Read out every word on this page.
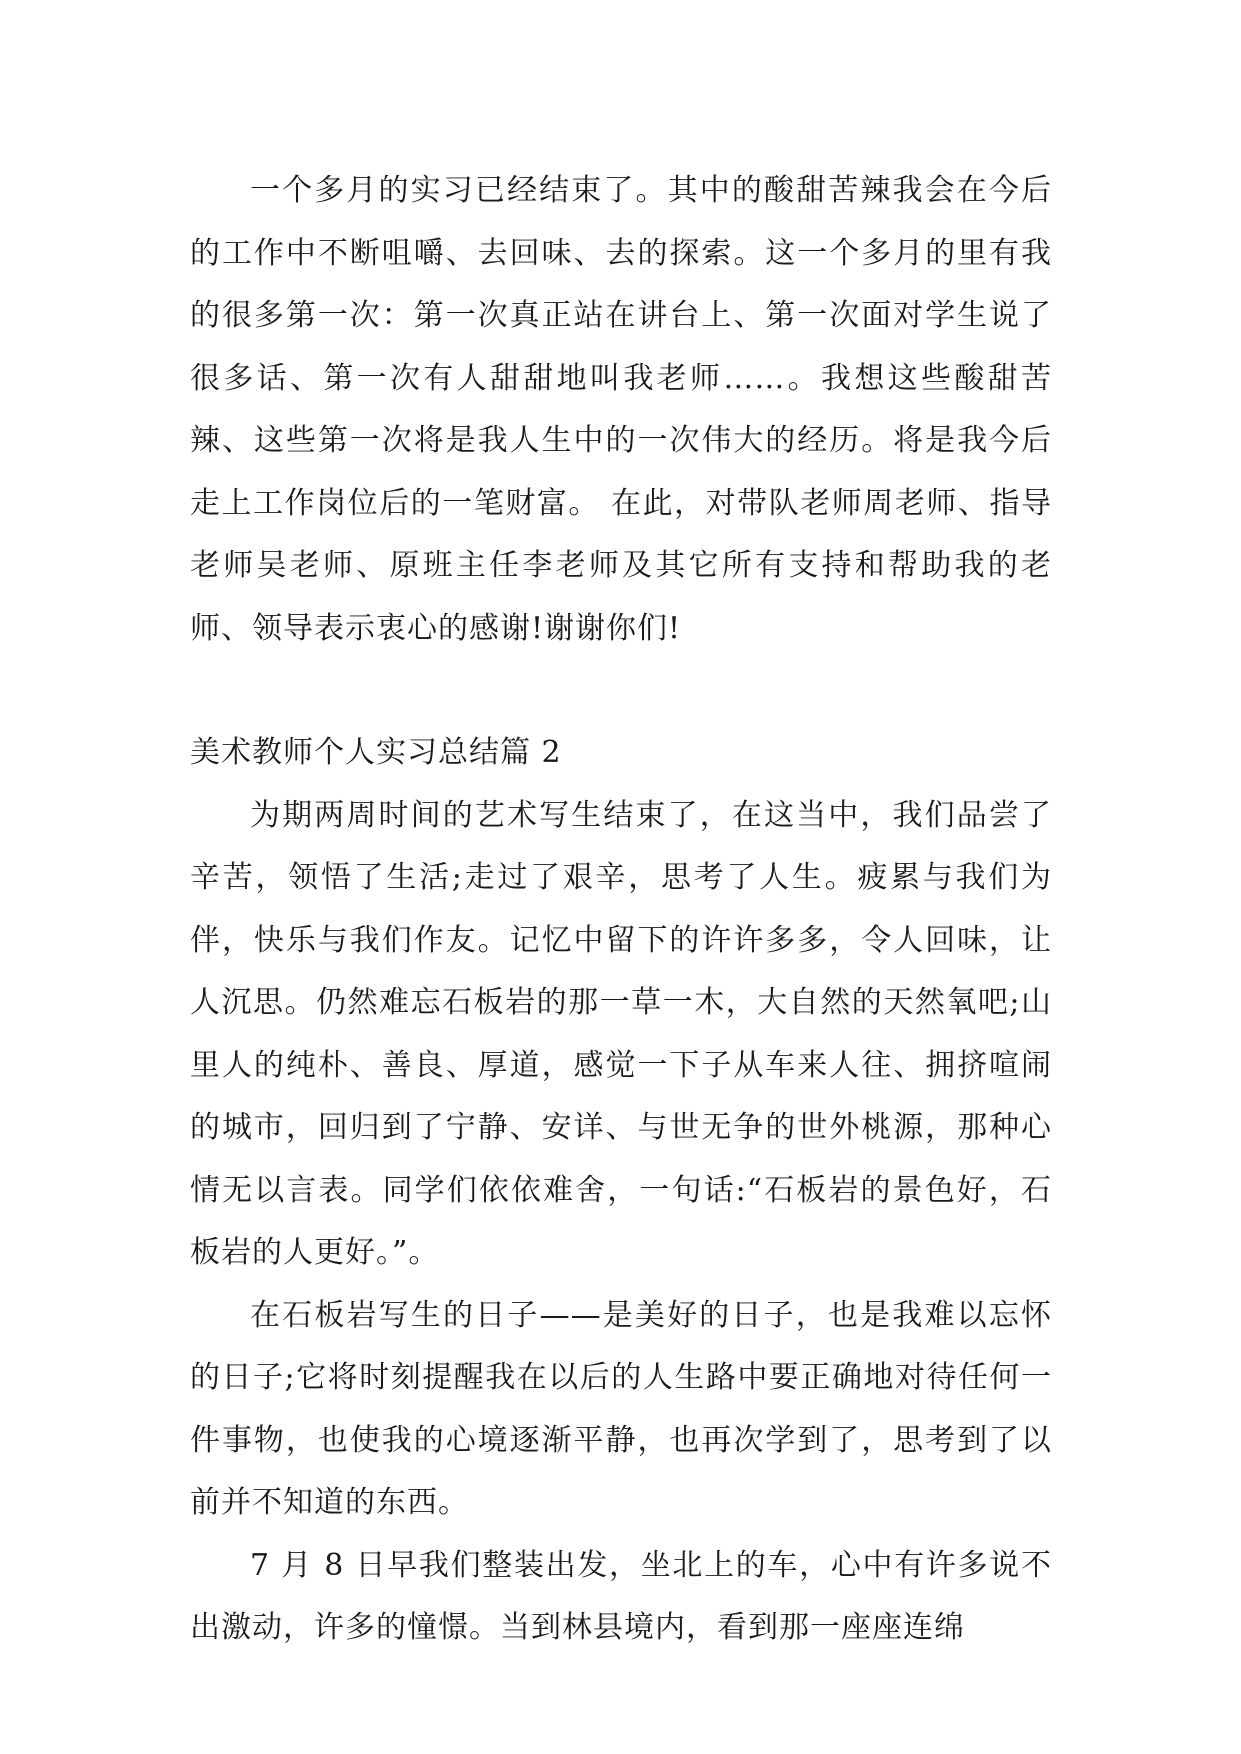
一个多月的实习已经结束了。其中的酸甜苦辣我会在今后的工作中不断咀嚼、去回味、去的探索。这一个多月的里有我的很多第一次：第一次真正站在讲台上、第一次面对学生说了很多话、第一次有人甜甜地叫我老师……。我想这些酸甜苦辣、这些第一次将是我人生中的一次伟大的经历。将是我今后走上工作岗位后的一笔财富。 在此，对带队老师周老师、指导老师吴老师、原班主任李老师及其它所有支持和帮助我的老师、领导表示衷心的感谢!谢谢你们!

美术教师个人实习总结篇 2

为期两周时间的艺术写生结束了，在这当中，我们品尝了辛苦，领悟了生活;走过了艰辛，思考了人生。疲累与我们为伴，快乐与我们作友。记忆中留下的许许多多，令人回味，让人沉思。仍然难忘石板岩的那一草一木，大自然的天然氧吧;山里人的纯朴、善良、厚道，感觉一下子从车来人往、拥挤喧闹的城市，回归到了宁静、安详、与世无争的世外桃源，那种心情无以言表。同学们依依难舍，一句话:“石板岩的景色好，石板岩的人更好。”。

在石板岩写生的日子——是美好的日子，也是我难以忘怀的日子;它将时刻提醒我在以后的人生路中要正确地对待任何一件事物，也使我的心境逐渐平静，也再次学到了，思考到了以前并不知道的东西。

7 月 8 日早我们整装出发，坐北上的车，心中有许多说不出激动，许多的憧憬。当到林县境内，看到那一座座连绵
